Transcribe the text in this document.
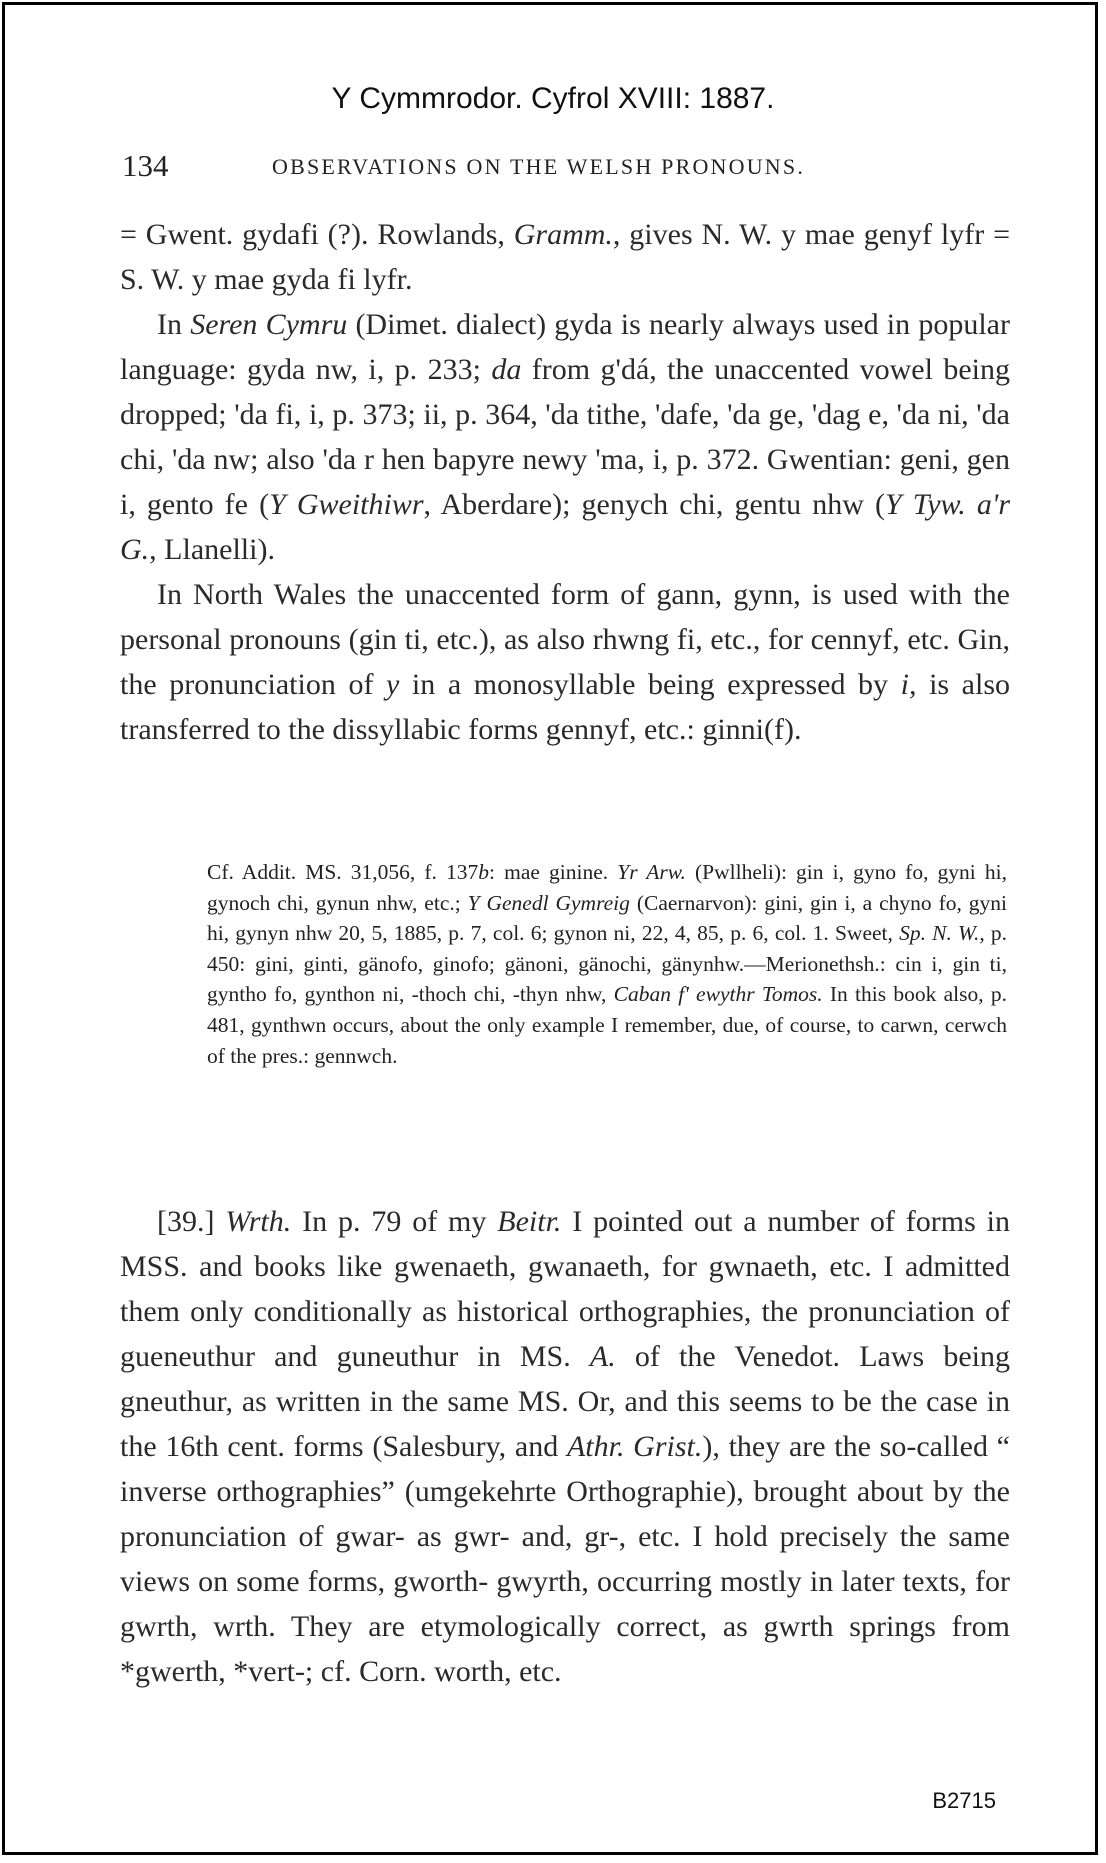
Y Cymmrodor. Cyfrol XVIII: 1887.
134	OBSERVATIONS ON THE WELSH PRONOUNS.

= Gwent. gydafi (?). Rowlands, Gramm., gives N. W. y mae genyf lyfr = S. W. y mae gyda fi lyfr.

In Seren Cymru (Dimet. dialect) gyda is nearly always used in popular language: gyda nw, i, p. 233; da from g'dá, the unaccented vowel being dropped; 'da fi, i, p. 373; ii, p. 364, 'da tithe, 'dafe, 'da ge, 'dag e, 'da ni, 'da chi, 'da nw; also 'da r hen bapyre newy 'ma, i, p. 372. Gwentian: geni, gen i, gento fe (Y Gweithiwr, Aberdare); genych chi, gentu nhw (Y Tyw. a'r G., Llanelli).

In North Wales the unaccented form of gann, gynn, is used with the personal pronouns (gin ti, etc.), as also rhwng fi, etc., for cennyf, etc. Gin, the pronunciation of y in a monosyllable being expressed by i, is also transferred to the dissyllabic forms gennyf, etc.: ginni(f).

Cf. Addit. MS. 31,056, f. 137b: mae ginine. Yr Arw. (Pwllheli): gin i, gyno fo, gyni hi, gynoch chi, gynun nhw, etc.; Y Genedl Gymreig (Caernarvon): gini, gin i, a chyno fo, gyni hi, gynyn nhw 20, 5, 1885, p. 7, col. 6; gynon ni, 22, 4, 85, p. 6, col. 1. Sweet, Sp. N. W., p. 450: gini, ginti, gänofo, ginofo; gänoni, gänochi, gänynhw.—Merionethsh.: cin i, gin ti, gyntho fo, gynthon ni, -thoch chi, -thyn nhw, Caban f' ewythr Tomos. In this book also, p. 481, gynthwn occurs, about the only example I remember, due, of course, to carwn, cerwch of the pres.: gennwch.

[39.] Wrth. In p. 79 of my Beitr. I pointed out a number of forms in MSS. and books like gwenaeth, gwanaeth, for gwnaeth, etc. I admitted them only conditionally as historical orthographies, the pronunciation of gueneuthur and guneuthur in MS. A. of the Venedot. Laws being gneuthur, as written in the same MS. Or, and this seems to be the case in the 16th cent. forms (Salesbury, and Athr. Grist.), they are the so-called “ inverse orthographies” (umgekehrte Orthographie), brought about by the pronunciation of gwar- as gwr- and, gr-, etc. I hold precisely the same views on some forms, gworth- gwyrth, occurring mostly in later texts, for gwrth, wrth. They are etymologically correct, as gwrth springs from *gwerth, *vert-; cf. Corn. worth, etc.

B2715
